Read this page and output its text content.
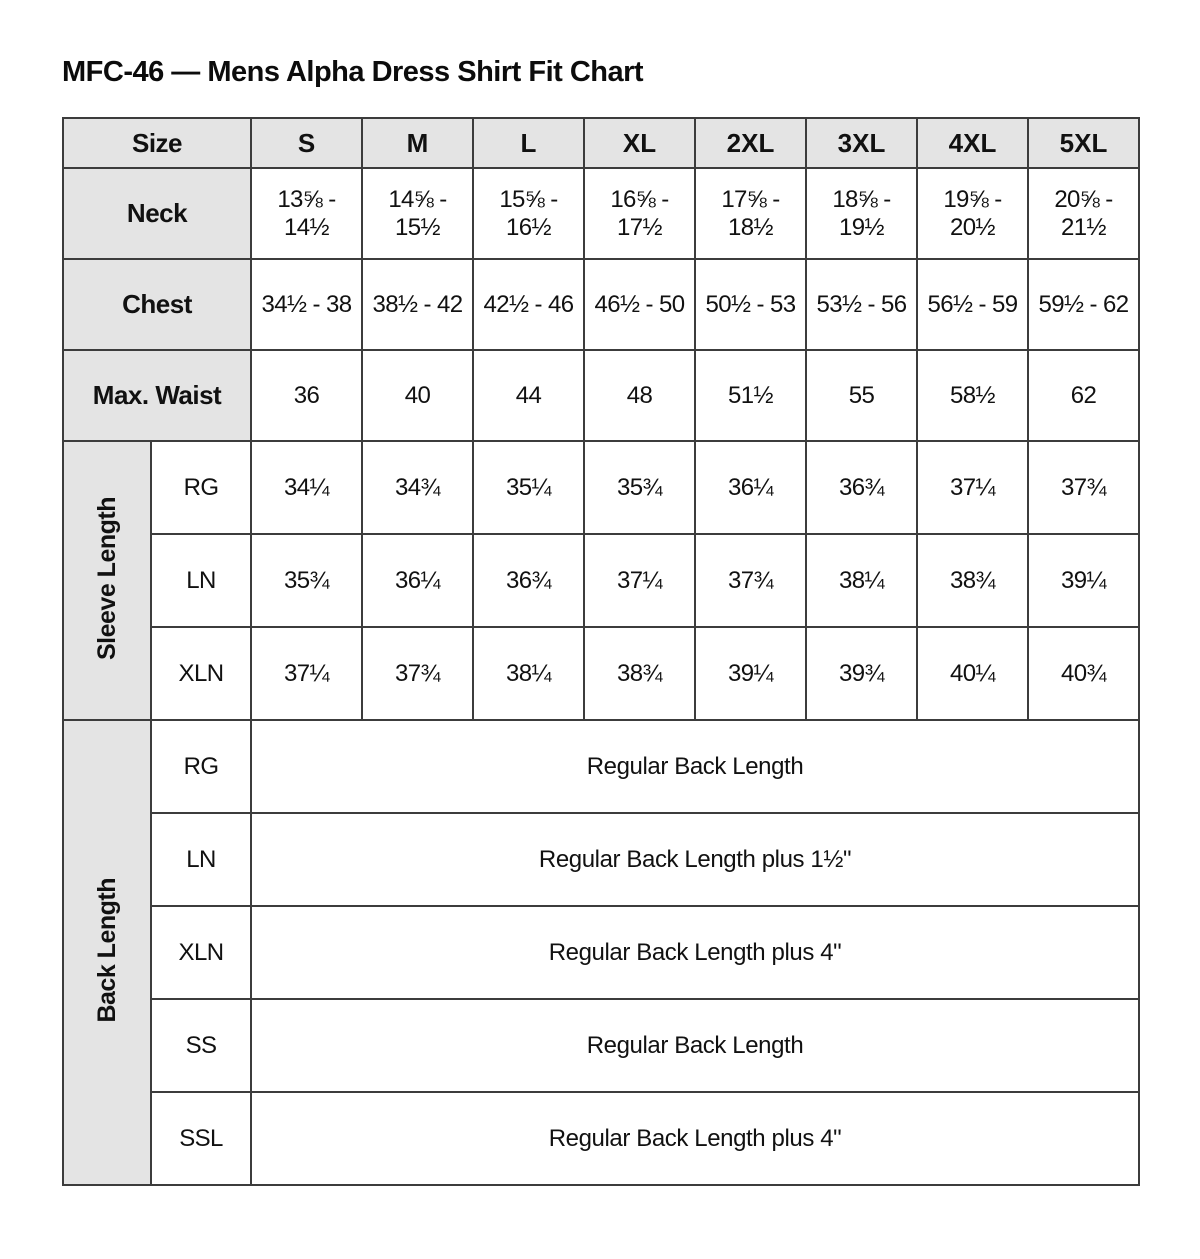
MFC-46 — Mens Alpha Dress Shirt Fit Chart
Size		S	M	L	XL	2XL	3XL	4XL	5XL
Neck		13⅝ - 14½	14⅝ - 15½	15⅝ - 16½	16⅝ - 17½	17⅝ - 18½	18⅝ - 19½	19⅝ - 20½	20⅝ - 21½
Chest		34½ - 38	38½ - 42	42½ - 46	46½ - 50	50½ - 53	53½ - 56	56½ - 59	59½ - 62
Max. Waist		36	40	44	48	51½	55	58½	62
Sleeve Length	RG	34¼	34¾	35¼	35¾	36¼	36¾	37¼	37¾
	LN	35¾	36¼	36¾	37¼	37¾	38¼	38¾	39¼
	XLN	37¼	37¾	38¼	38¾	39¼	39¾	40¼	40¾
Back Length	RG	Regular Back Length							
	LN	Regular Back Length plus 1½"							
	XLN	Regular Back Length plus 4"							
	SS	Regular Back Length							
	SSL	Regular Back Length plus 4"							
